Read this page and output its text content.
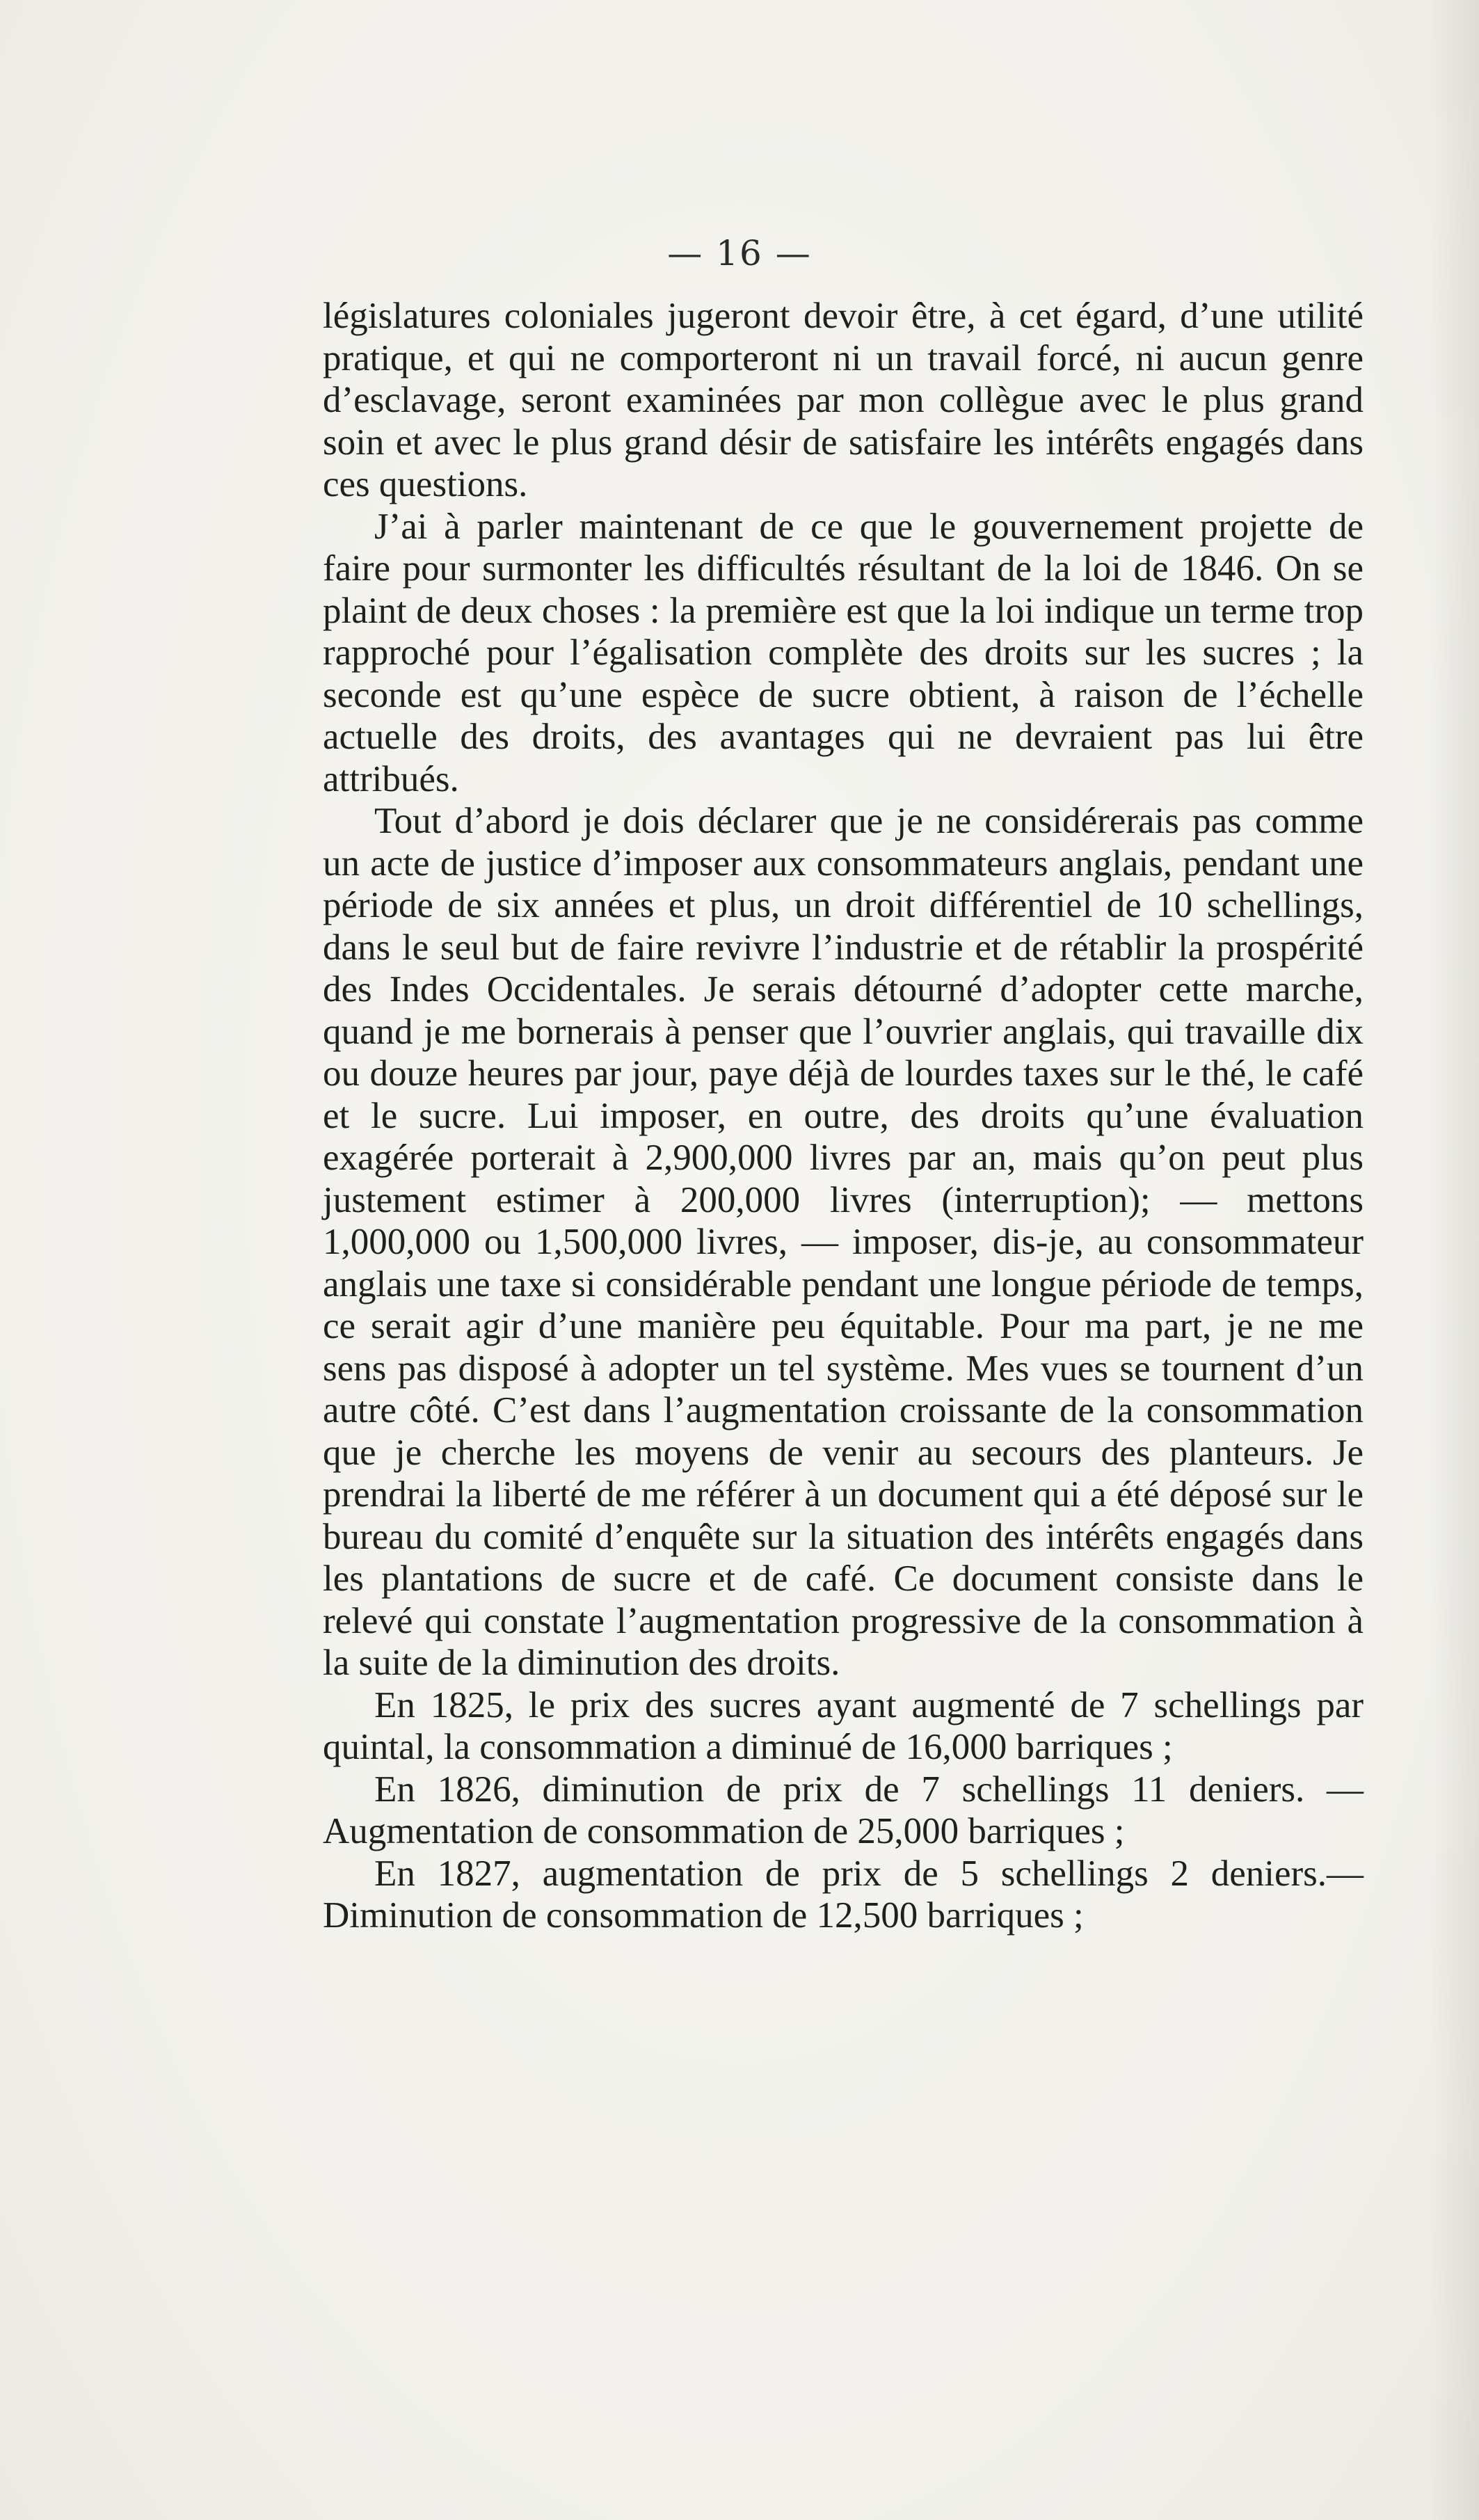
— 16 —

législatures coloniales jugeront devoir être, à cet égard, d’une utilité pratique, et qui ne comporteront ni un travail forcé, ni aucun genre d’esclavage, seront examinées par mon collègue avec le plus grand soin et avec le plus grand désir de satisfaire les intérêts engagés dans ces questions.

J’ai à parler maintenant de ce que le gouvernement projette de faire pour surmonter les difficultés résultant de la loi de 1846. On se plaint de deux choses : la première est que la loi indique un terme trop rapproché pour l’égalisation complète des droits sur les sucres ; la seconde est qu’une espèce de sucre obtient, à raison de l’échelle actuelle des droits, des avantages qui ne devraient pas lui être attribués.

Tout d’abord je dois déclarer que je ne considérerais pas comme un acte de justice d’imposer aux consommateurs anglais, pendant une période de six années et plus, un droit différentiel de 10 schellings, dans le seul but de faire revivre l’industrie et de rétablir la prospérité des Indes Occidentales. Je serais détourné d’adopter cette marche, quand je me bornerais à penser que l’ouvrier anglais, qui travaille dix ou douze heures par jour, paye déjà de lourdes taxes sur le thé, le café et le sucre. Lui imposer, en outre, des droits qu’une évaluation exagérée porterait à 2,900,000 livres par an, mais qu’on peut plus justement estimer à 200,000 livres (interruption); — mettons 1,000,000 ou 1,500,000 livres, — imposer, dis-je, au consommateur anglais une taxe si considérable pendant une longue période de temps, ce serait agir d’une manière peu équitable. Pour ma part, je ne me sens pas disposé à adopter un tel système. Mes vues se tournent d’un autre côté. C’est dans l’augmentation croissante de la consommation que je cherche les moyens de venir au secours des planteurs. Je prendrai la liberté de me référer à un document qui a été déposé sur le bureau du comité d’enquête sur la situation des intérêts engagés dans les plantations de sucre et de café. Ce document consiste dans le relevé qui constate l’augmentation progressive de la consommation à la suite de la diminution des droits.

En 1825, le prix des sucres ayant augmenté de 7 schellings par quintal, la consommation a diminué de 16,000 barriques ;

En 1826, diminution de prix de 7 schellings 11 deniers. — Augmentation de consommation de 25,000 barriques ;

En 1827, augmentation de prix de 5 schellings 2 deniers.— Diminution de consommation de 12,500 barriques ;
